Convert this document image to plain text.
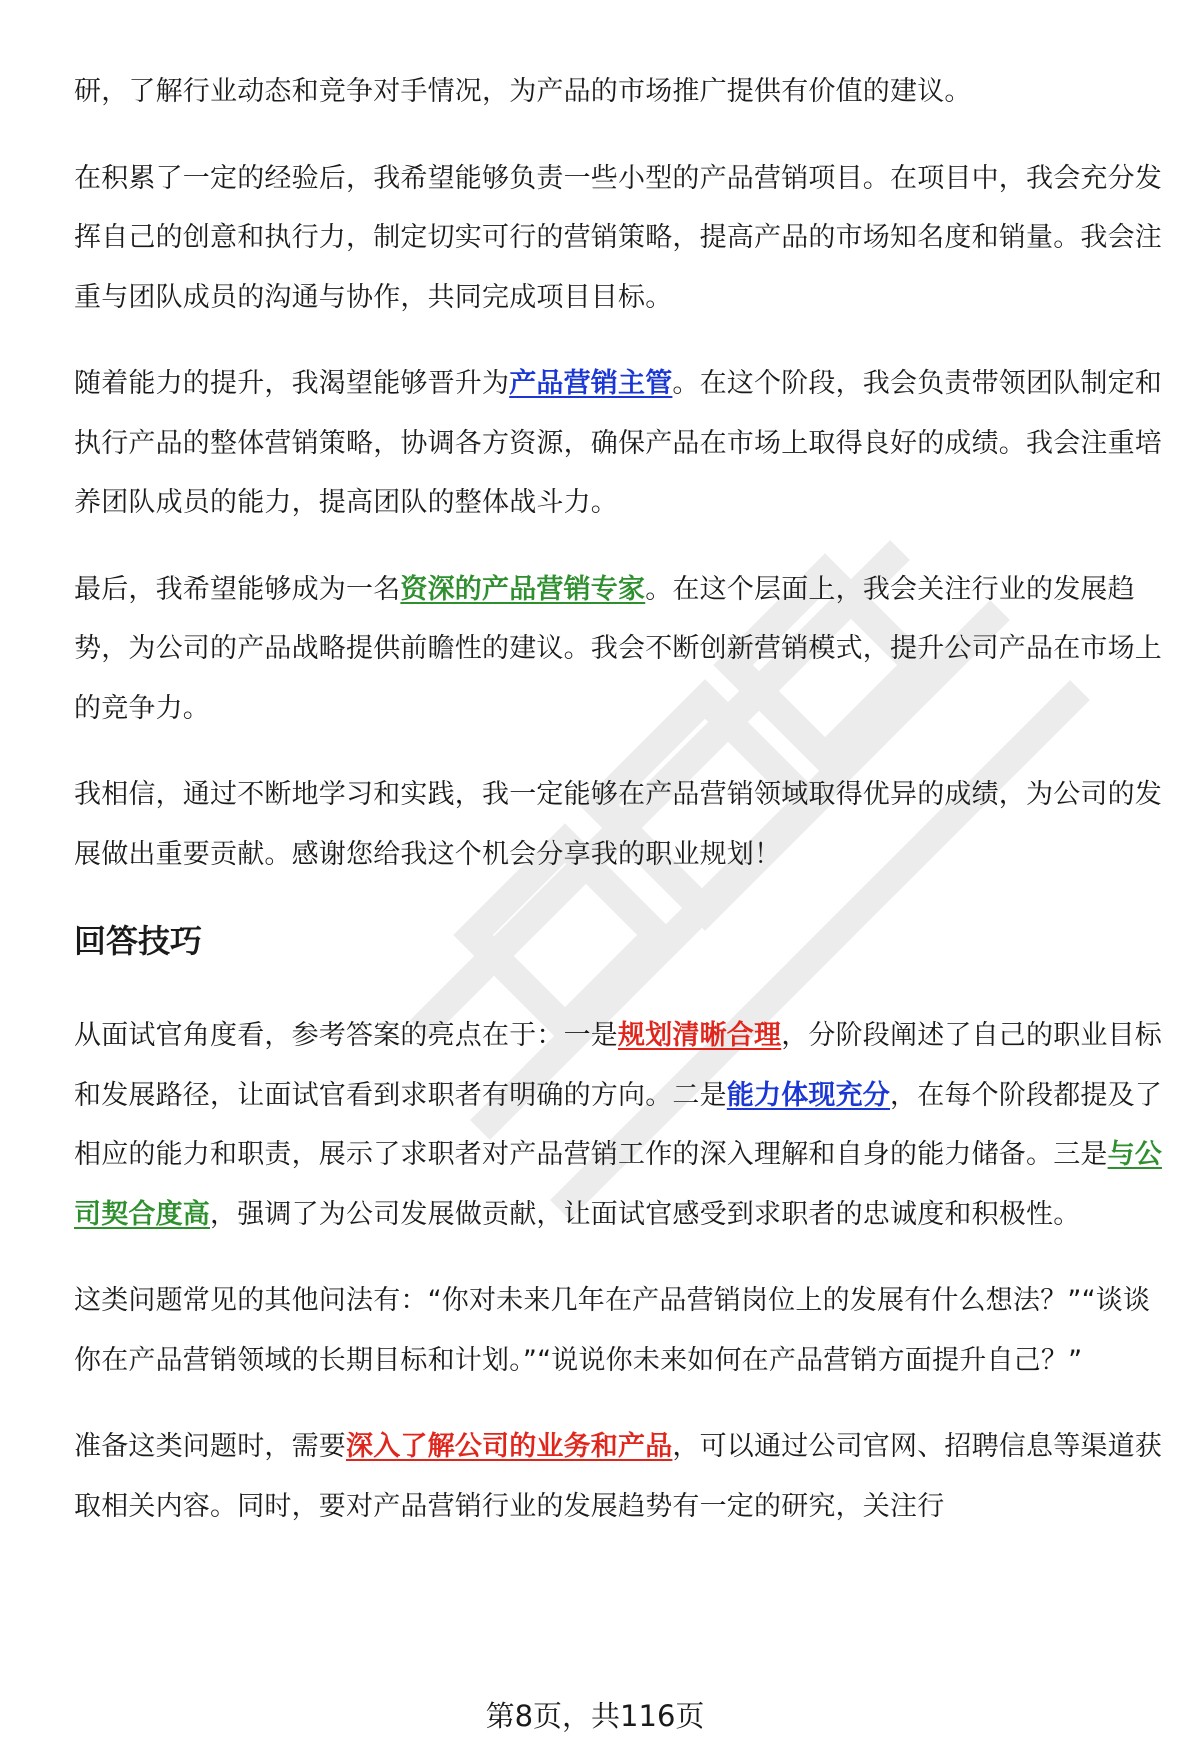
研，了解行业动态和竞争对手情况，为产品的市场推广提供有价值的建议。

在积累了一定的经验后，我希望能够负责一些小型的产品营销项目。在项目中，我会充分发挥自己的创意和执行力，制定切实可行的营销策略，提高产品的市场知名度和销量。我会注重与团队成员的沟通与协作，共同完成项目目标。

随着能力的提升，我渴望能够晋升为产品营销主管。在这个阶段，我会负责带领团队制定和执行产品的整体营销策略，协调各方资源，确保产品在市场上取得良好的成绩。我会注重培养团队成员的能力，提高团队的整体战斗力。

最后，我希望能够成为一名资深的产品营销专家。在这个层面上，我会关注行业的发展趋势，为公司的产品战略提供前瞻性的建议。我会不断创新营销模式，提升公司产品在市场上的竞争力。

我相信，通过不断地学习和实践，我一定能够在产品营销领域取得优异的成绩，为公司的发展做出重要贡献。感谢您给我这个机会分享我的职业规划！

回答技巧

从面试官角度看，参考答案的亮点在于：一是规划清晰合理，分阶段阐述了自己的职业目标和发展路径，让面试官看到求职者有明确的方向。二是能力体现充分，在每个阶段都提及了相应的能力和职责，展示了求职者对产品营销工作的深入理解和自身的能力储备。三是与公司契合度高，强调了为公司发展做贡献，让面试官感受到求职者的忠诚度和积极性。

这类问题常见的其他问法有：“你对未来几年在产品营销岗位上的发展有什么想法？”“谈谈你在产品营销领域的长期目标和计划。”“说说你未来如何在产品营销方面提升自己？”

准备这类问题时，需要深入了解公司的业务和产品，可以通过公司官网、招聘信息等渠道获取相关内容。同时，要对产品营销行业的发展趋势有一定的研究，关注行

第8页，共116页
